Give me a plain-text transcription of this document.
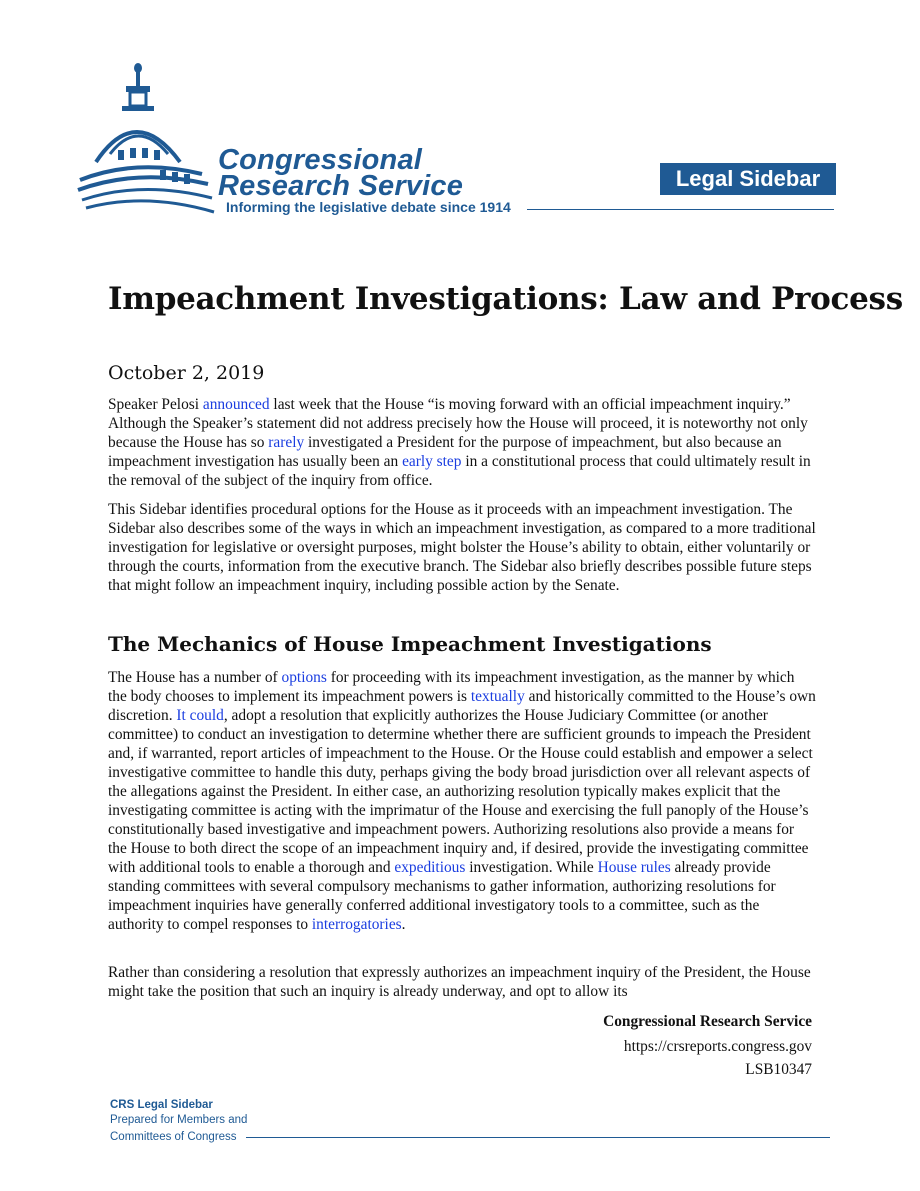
Congressional
Research Service
Informing the legislative debate since 1914
Legal Sidebar
Impeachment Investigations: Law and Process
October 2, 2019

Speaker Pelosi announced last week that the House “is moving forward with an official impeachment inquiry.” Although the Speaker’s statement did not address precisely how the House will proceed, it is noteworthy not only because the House has so rarely investigated a President for the purpose of impeachment, but also because an impeachment investigation has usually been an early step in a constitutional process that could ultimately result in the removal of the subject of the inquiry from office.

This Sidebar identifies procedural options for the House as it proceeds with an impeachment investigation. The Sidebar also describes some of the ways in which an impeachment investigation, as compared to a more traditional investigation for legislative or oversight purposes, might bolster the House’s ability to obtain, either voluntarily or through the courts, information from the executive branch. The Sidebar also briefly describes possible future steps that might follow an impeachment inquiry, including possible action by the Senate.

The Mechanics of House Impeachment Investigations

The House has a number of options for proceeding with its impeachment investigation, as the manner by which the body chooses to implement its impeachment powers is textually and historically committed to the House’s own discretion. It could, adopt a resolution that explicitly authorizes the House Judiciary Committee (or another committee) to conduct an investigation to determine whether there are sufficient grounds to impeach the President and, if warranted, report articles of impeachment to the House. Or the House could establish and empower a select investigative committee to handle this duty, perhaps giving the body broad jurisdiction over all relevant aspects of the allegations against the President. In either case, an authorizing resolution typically makes explicit that the investigating committee is acting with the imprimatur of the House and exercising the full panoply of the House’s constitutionally based investigative and impeachment powers. Authorizing resolutions also provide a means for the House to both direct the scope of an impeachment inquiry and, if desired, provide the investigating committee with additional tools to enable a thorough and expeditious investigation. While House rules already provide standing committees with several compulsory mechanisms to gather information, authorizing resolutions for impeachment inquiries have generally conferred additional investigatory tools to a committee, such as the authority to compel responses to interrogatories.

Rather than considering a resolution that expressly authorizes an impeachment inquiry of the President, the House might take the position that such an inquiry is already underway, and opt to allow its

Congressional Research Service
https://crsreports.congress.gov
LSB10347
CRS Legal Sidebar
Prepared for Members and
Committees of Congress
